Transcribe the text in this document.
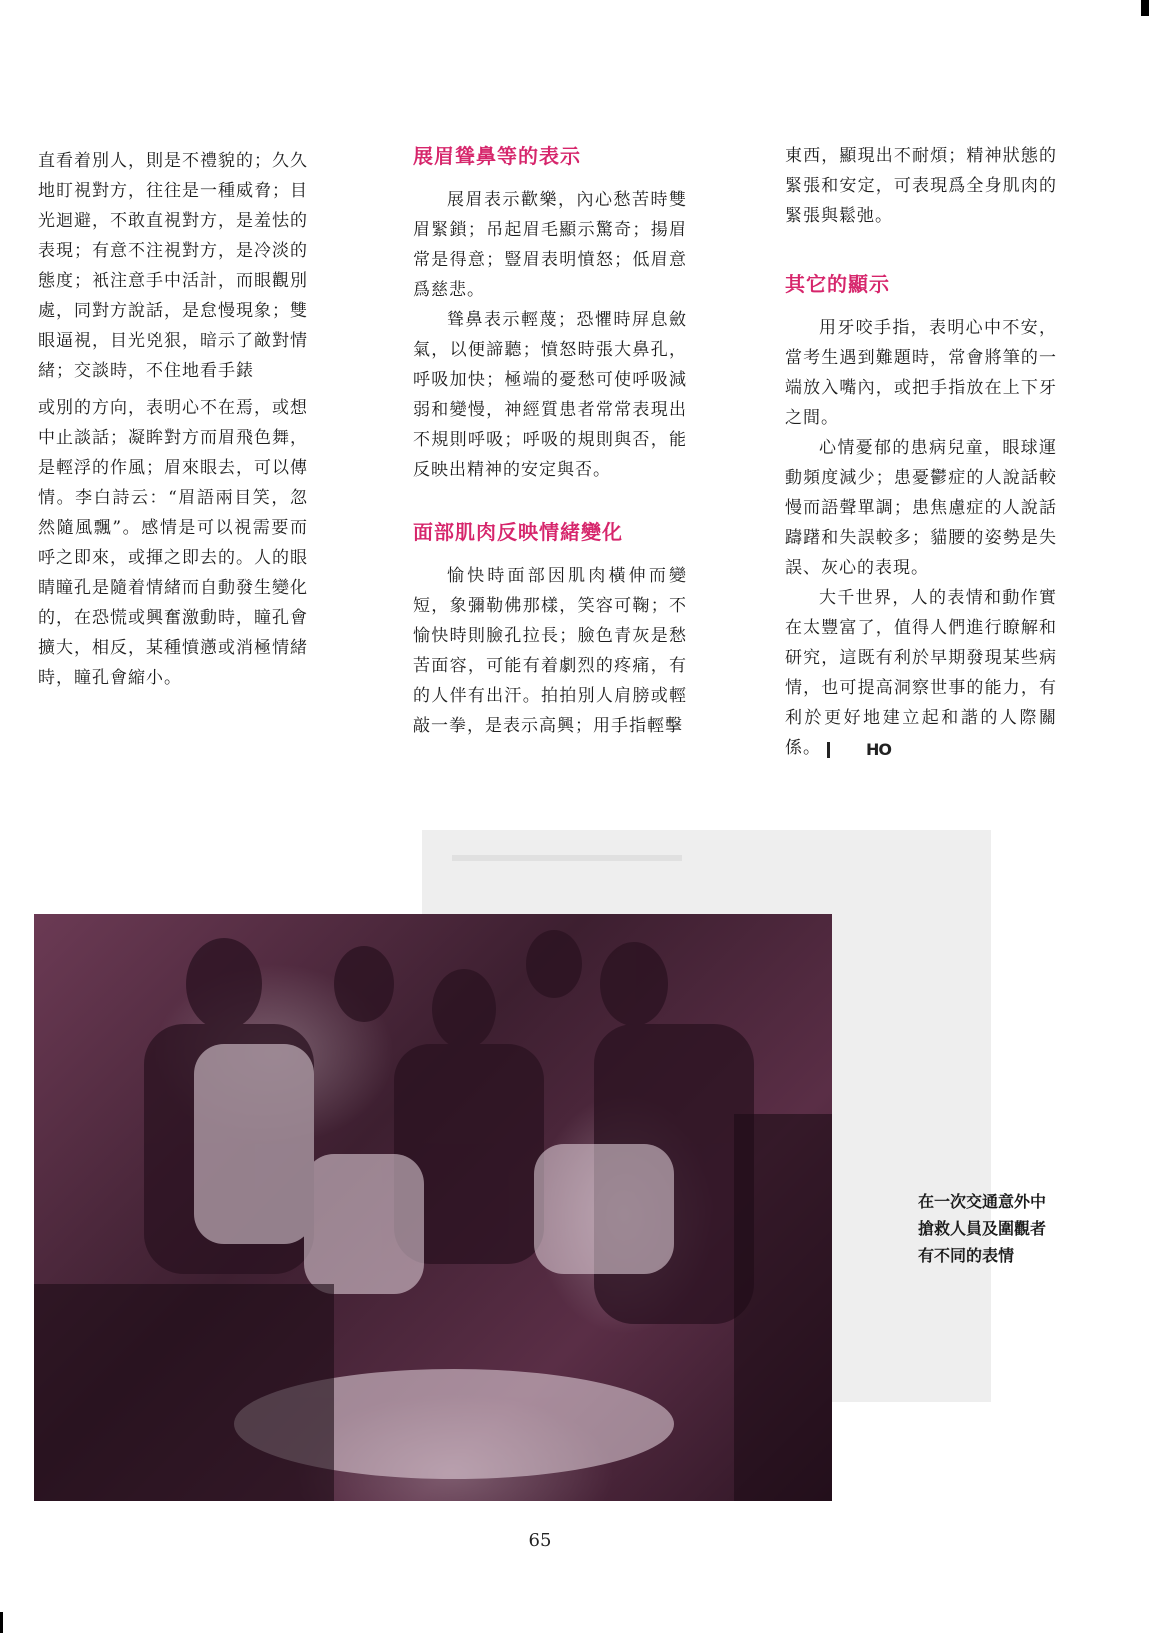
直看着別人，則是不禮貌的；久久地盯視對方，往往是一種威脅；目光迴避，不敢直視對方，是羞怯的表現；有意不注視對方，是冷淡的態度；衹注意手中活計，而眼觀別處，同對方說話，是怠慢現象；雙眼逼視，目光兇狠，暗示了敵對情緒；交談時，不住地看手錶

或別的方向，表明心不在焉，或想中止談話；凝眸對方而眉飛色舞，是輕浮的作風；眉來眼去，可以傳情。李白詩云：“眉語兩目笑，忽然隨風飄”。感情是可以視需要而呼之即來，或揮之即去的。人的眼睛瞳孔是隨着情緒而自動發生變化的，在恐慌或興奮激動時，瞳孔會擴大，相反，某種憤懣或消極情緒時，瞳孔會縮小。

展眉聳鼻等的表示

展眉表示歡樂，內心愁苦時雙眉緊鎖；吊起眉毛顯示驚奇；揚眉常是得意；豎眉表明憤怒；低眉意爲慈悲。

聳鼻表示輕蔑；恐懼時屏息斂氣，以便諦聽；憤怒時張大鼻孔，呼吸加快；極端的憂愁可使呼吸減弱和變慢，神經質患者常常表現出不規則呼吸；呼吸的規則與否，能反映出精神的安定與否。

面部肌肉反映情緒變化

愉快時面部因肌肉橫伸而變短，象彌勒佛那樣，笑容可鞠；不愉快時則臉孔拉長；臉色青灰是愁苦面容，可能有着劇烈的疼痛，有的人伴有出汗。拍拍別人肩膀或輕敲一拳，是表示高興；用手指輕擊

東西，顯現出不耐煩；精神狀態的緊張和安定，可表現爲全身肌肉的緊張與鬆弛。

其它的顯示

用牙咬手指，表明心中不安，當考生遇到難題時，常會將筆的一端放入嘴內，或把手指放在上下牙之間。

心情憂郁的患病兒童，眼球運動頻度減少；患憂鬱症的人說話較慢而語聲單調；患焦慮症的人說話躊躇和失誤較多；貓腰的姿勢是失誤、灰心的表現。

大千世界，人的表情和動作實在太豐富了，值得人們進行瞭解和研究，這既有利於早期發現某些病情，也可提高洞察世事的能力，有利於更好地建立起和諧的人際關係。	HO

在一次交通意外中
搶救人員及圍觀者
有不同的表情
65
